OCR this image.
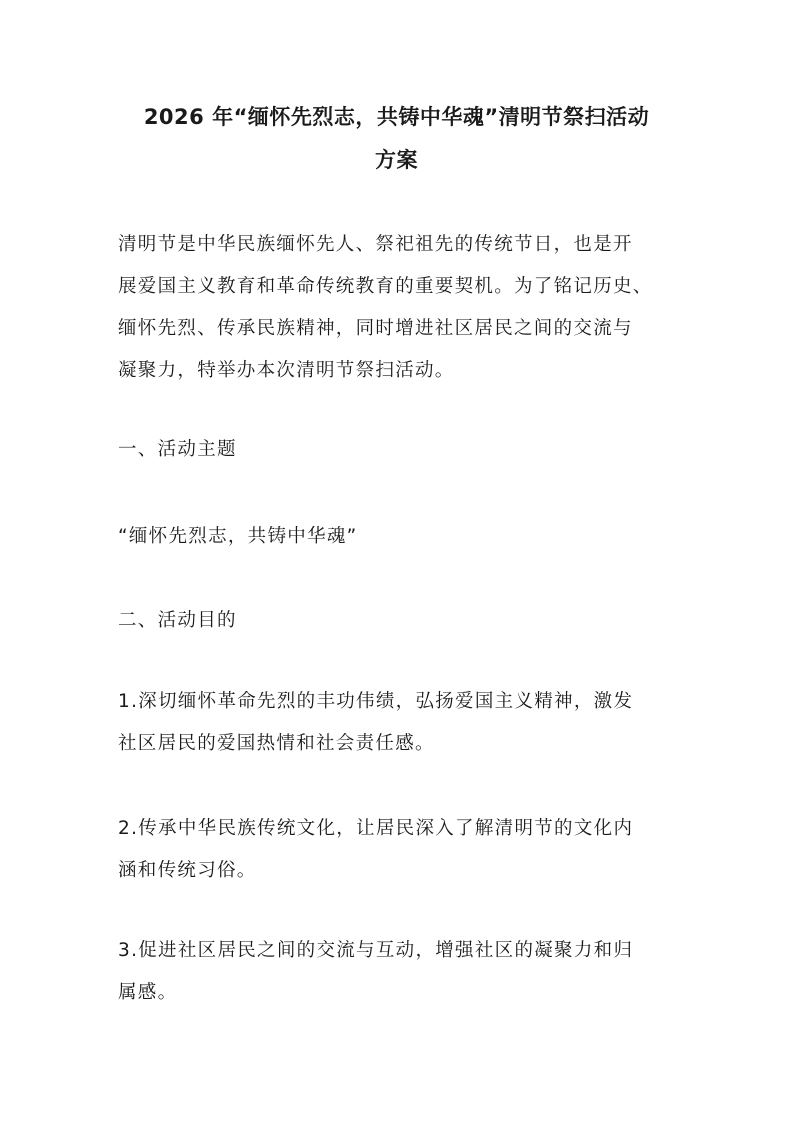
2026 年“缅怀先烈志，共铸中华魂”清明节祭扫活动
方案
清明节是中华民族缅怀先人、祭祀祖先的传统节日，也是开
展爱国主义教育和革命传统教育的重要契机。为了铭记历史、
缅怀先烈、传承民族精神，同时增进社区居民之间的交流与
凝聚力，特举办本次清明节祭扫活动。
一、活动主题
“缅怀先烈志，共铸中华魂”
二、活动目的
1.深切缅怀革命先烈的丰功伟绩，弘扬爱国主义精神，激发
社区居民的爱国热情和社会责任感。
2.传承中华民族传统文化，让居民深入了解清明节的文化内
涵和传统习俗。
3.促进社区居民之间的交流与互动，增强社区的凝聚力和归
属感。
